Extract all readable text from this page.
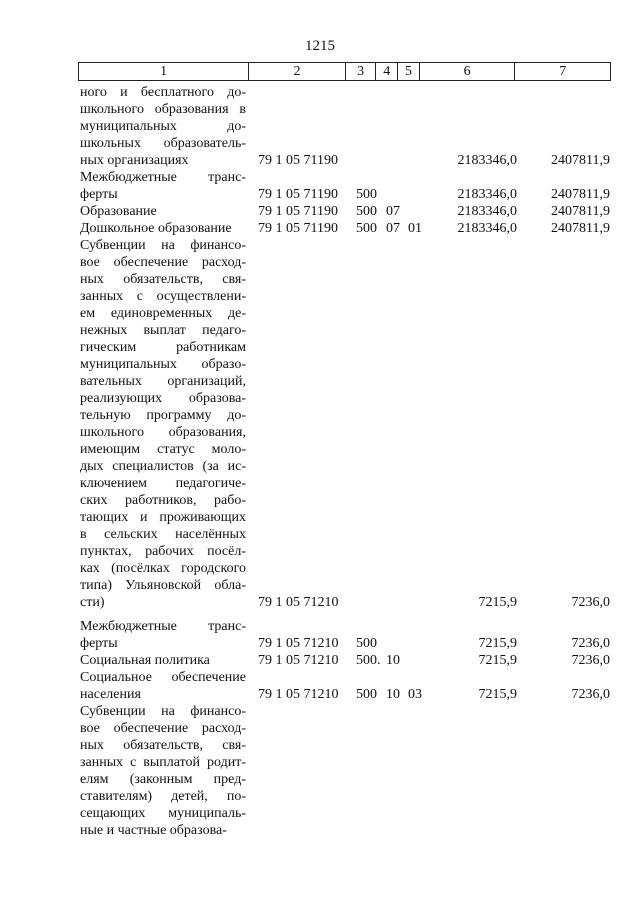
1215
1	2	3	4	5	6	7
ного и бесплатного до-
школьного образования в
муниципальных до-
школьных образователь-
ных организациях	79 1 05 71190	2183346,0 2407811,9
Межбюджетные транс-
ферты	79 1 05 71190 500	2183346,0 2407811,9
Образование	79 1 05 71190 500 07	2183346,0 2407811,9
Дошкольное образование	79 1 05 71190 500 07 01	2183346,0 2407811,9
Субвенции на финансо-
вое обеспечение расход-
ных обязательств, свя-
занных с осуществлени-
ем единовременных де-
нежных выплат педаго-
гическим работникам
муниципальных образо-
вательных организаций,
реализующих образова-
тельную программу до-
школьного образования,
имеющим статус моло-
дых специалистов (за ис-
ключением педагогиче-
ских работников, рабо-
тающих и проживающих
в сельских населённых
пунктах, рабочих посёл-
ках (посёлках городского
типа) Ульяновской обла-
сти)	79 1 05 71210	7215,9	7236,0
Межбюджетные транс-
ферты	79 1 05 71210 500	7215,9	7236,0
Социальная политика	79 1 05 71210 500. 10	7215,9	7236,0
Социальное обеспечение
населения	79 1 05 71210 500 10 03	7215,9	7236,0
Субвенции на финансо-
вое обеспечение расход-
ных обязательств, свя-
занных с выплатой родит-
елям (законным пред-
ставителям) детей, по-
сещающих муниципаль-
ные и частные образова-
